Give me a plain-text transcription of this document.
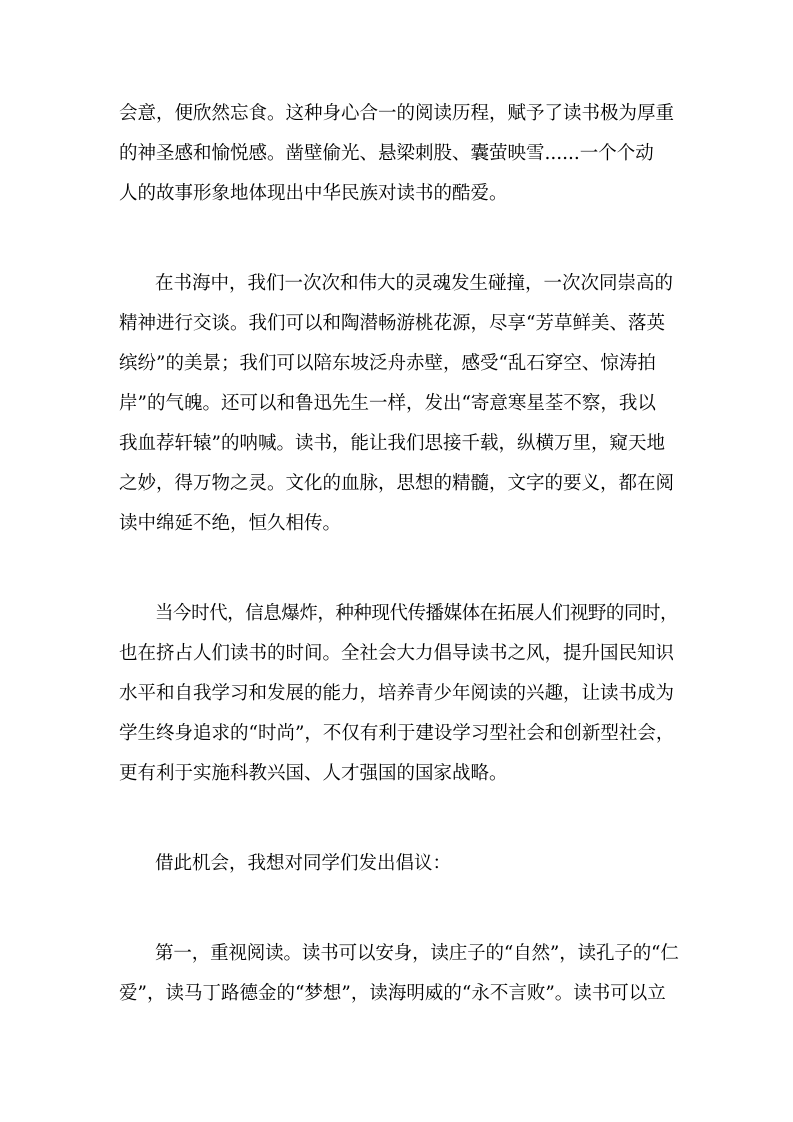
会意，便欣然忘食。这种身心合一的阅读历程，赋予了读书极为厚重
的神圣感和愉悦感。凿壁偷光、悬梁刺股、囊萤映雪......一个个动
人的故事形象地体现出中华民族对读书的酷爱。
在书海中，我们一次次和伟大的灵魂发生碰撞，一次次同崇高的
精神进行交谈。我们可以和陶潜畅游桃花源，尽享“芳草鲜美、落英
缤纷”的美景；我们可以陪东坡泛舟赤壁，感受“乱石穿空、惊涛拍
岸”的气魄。还可以和鲁迅先生一样，发出“寄意寒星荃不察，我以
我血荐轩辕”的呐喊。读书，能让我们思接千载，纵横万里，窥天地
之妙，得万物之灵。文化的血脉，思想的精髓，文字的要义，都在阅
读中绵延不绝，恒久相传。
当今时代，信息爆炸，种种现代传播媒体在拓展人们视野的同时，
也在挤占人们读书的时间。全社会大力倡导读书之风，提升国民知识
水平和自我学习和发展的能力，培养青少年阅读的兴趣，让读书成为
学生终身追求的“时尚”，不仅有利于建设学习型社会和创新型社会，
更有利于实施科教兴国、人才强国的国家战略。
借此机会，我想对同学们发出倡议：
第一，重视阅读。读书可以安身，读庄子的“自然”，读孔子的“仁
爱”，读马丁路德金的“梦想”，读海明威的“永不言败”。读书可以立
